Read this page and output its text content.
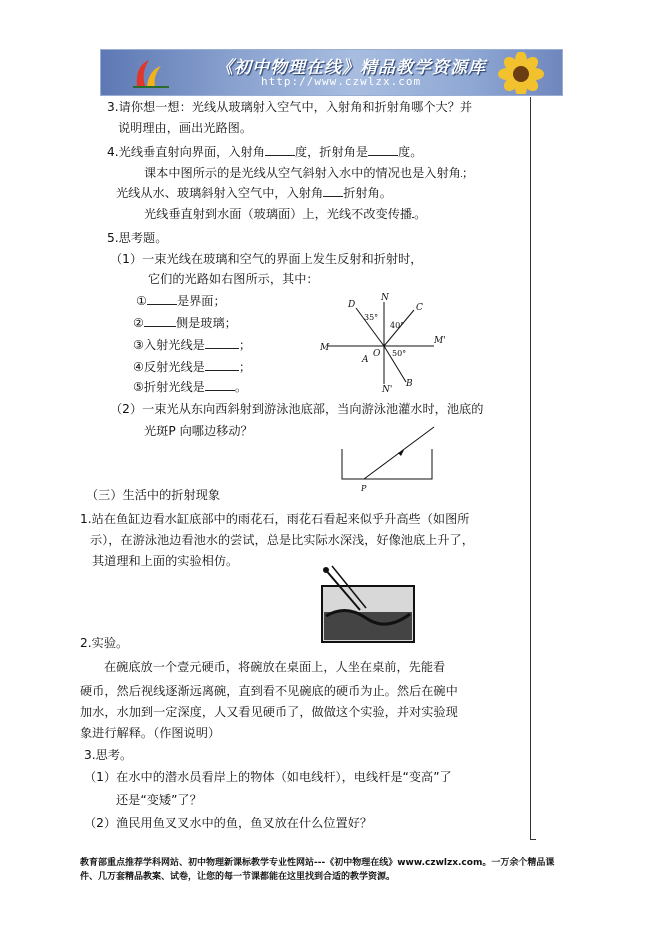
《初中物理在线》精品教学资源库
http://www.czwlzx.com
3.请你想一想：光线从玻璃射入空气中，入射角和折射角哪个大？并
说明理由，画出光路图。
4.光线垂直射向界面，入射角 度，折射角是 度。
课本中图所示的是光线从空气斜射入水中的情况也是入射角；
光线从水、玻璃斜射入空气中，入射角 折射角。
光线垂直射到水面（玻璃面）上，光线不改变传播 。
5.思考题。
（1）一束光线在玻璃和空气的界面上发生反射和折射时，
它们的光路如右图所示，其中：
① 是界面；
②	侧是玻璃；
③入射光线是	；
④反射光线是	；
⑤折射光线是 。
D
N
C
M
O
M'
A
B
N'
35°
40°
50°
（2）一束光从东向西斜射到游泳池底部，当向游泳池灌水时，池底的
光斑P 向哪边移动？
P
（三）生活中的折射现象
1.站在鱼缸边看水缸底部中的雨花石，雨花石看起来似乎升高些（如图所
示），在游泳池边看池水的尝试，总是比实际水深浅，好像池底上升了，
其道理和上面的实验相仿。
2.实验。
在碗底放一个壹元硬币，将碗放在桌面上，人坐在桌前，先能看
硬币，然后视线逐渐远离碗，直到看不见碗底的硬币为止。然后在碗中
加水，水加到一定深度，人又看见硬币了，做做这个实验，并对实验现
象进行解释。（作图说明）
3.思考。
（1）在水中的潜水员看岸上的物体（如电线杆），电线杆是“变高”了
还是“变矮”了？
（2）渔民用鱼叉叉水中的鱼，鱼叉放在什么位置好？
教育部重点推荐学科网站、初中物理新课标教学专业性网站---《初中物理在线》www.czwlzx.com。一万余个精品课
件、几万套精品教案、试卷，让您的每一节课都能在这里找到合适的教学资源。
